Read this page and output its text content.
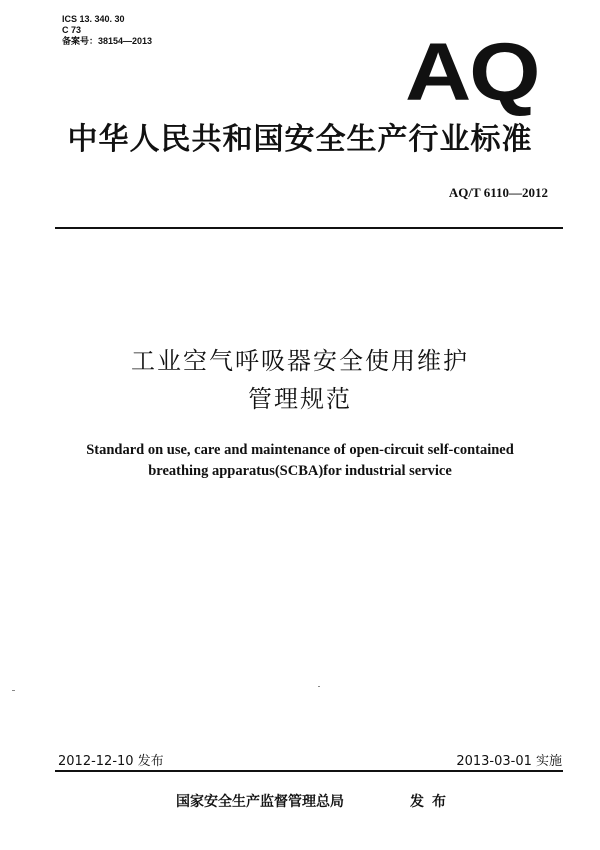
ICS 13. 340. 30
C 73
备案号：38154—2013	AQ
中华人民共和国安全生产行业标准
AQ/T 6110—2012
工业空气呼吸器安全使用维护
管理规范
Standard on use, care and maintenance of open-circuit self-contained
breathing apparatus(SCBA)for industrial service
2012-12-10 发布	2013-03-01 实施
国家安全生产监督管理总局	发布
